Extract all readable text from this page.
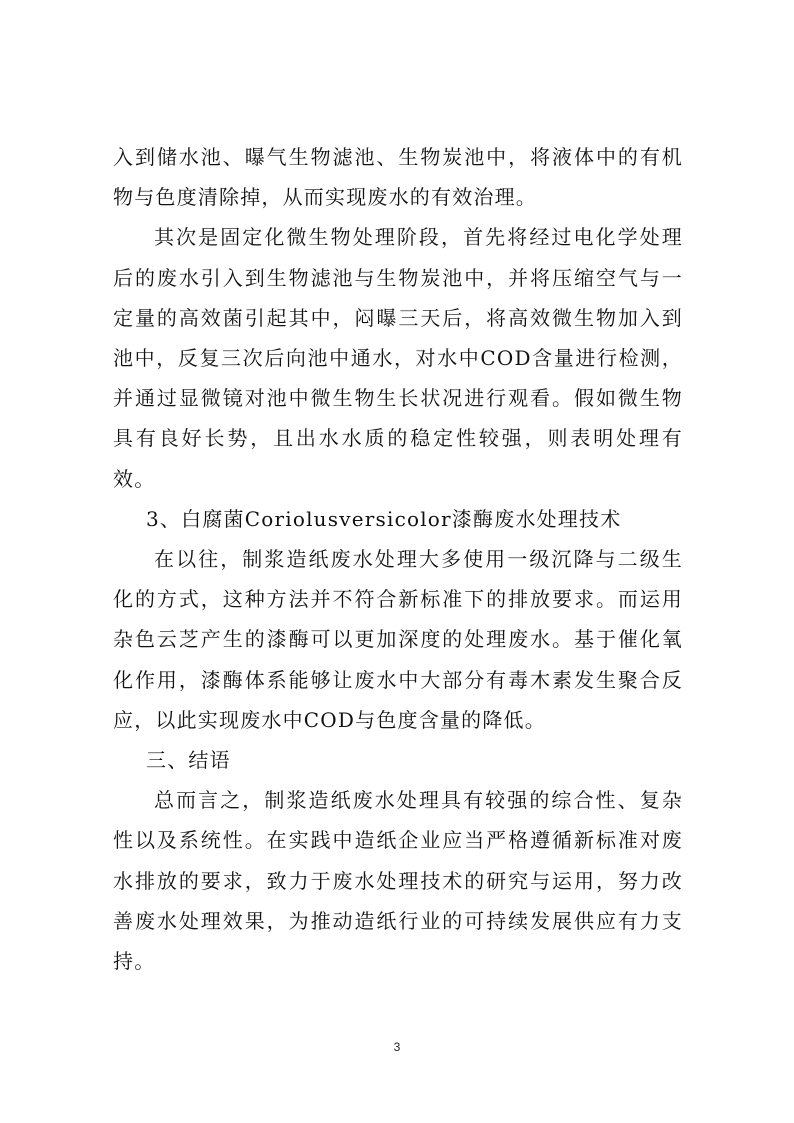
入到储水池、曝气生物滤池、生物炭池中，将液体中的有机物与色度清除掉，从而实现废水的有效治理。

其次是固定化微生物处理阶段，首先将经过电化学处理后的废水引入到生物滤池与生物炭池中，并将压缩空气与一定量的高效菌引起其中，闷曝三天后，将高效微生物加入到池中，反复三次后向池中通水，对水中COD含量进行检测，并通过显微镜对池中微生物生长状况进行观看。假如微生物具有良好长势，且出水水质的稳定性较强，则表明处理有效。

3、白腐菌Coriolusversicolor漆酶废水处理技术

在以往，制浆造纸废水处理大多使用一级沉降与二级生化的方式，这种方法并不符合新标准下的排放要求。而运用杂色云芝产生的漆酶可以更加深度的处理废水。基于催化氧化作用，漆酶体系能够让废水中大部分有毒木素发生聚合反应，以此实现废水中COD与色度含量的降低。

三、结语

总而言之，制浆造纸废水处理具有较强的综合性、复杂性以及系统性。在实践中造纸企业应当严格遵循新标准对废水排放的要求，致力于废水处理技术的研究与运用，努力改善废水处理效果，为推动造纸行业的可持续发展供应有力支持。

3
